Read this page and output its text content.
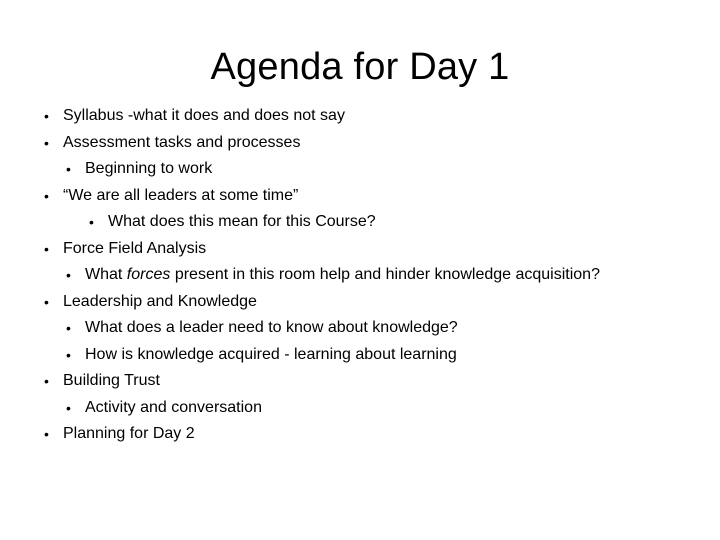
Agenda for Day 1
• Syllabus -what it does and does not say
• Assessment tasks and processes
• Beginning to work
• “We are all leaders at some time”
• What does this mean for this Course?
• Force Field Analysis
• What forces present in this room help and hinder knowledge acquisition?
• Leadership and Knowledge
• What does a leader need to know about knowledge?
• How is knowledge acquired - learning about learning
• Building Trust
• Activity and conversation
• Planning for Day 2
